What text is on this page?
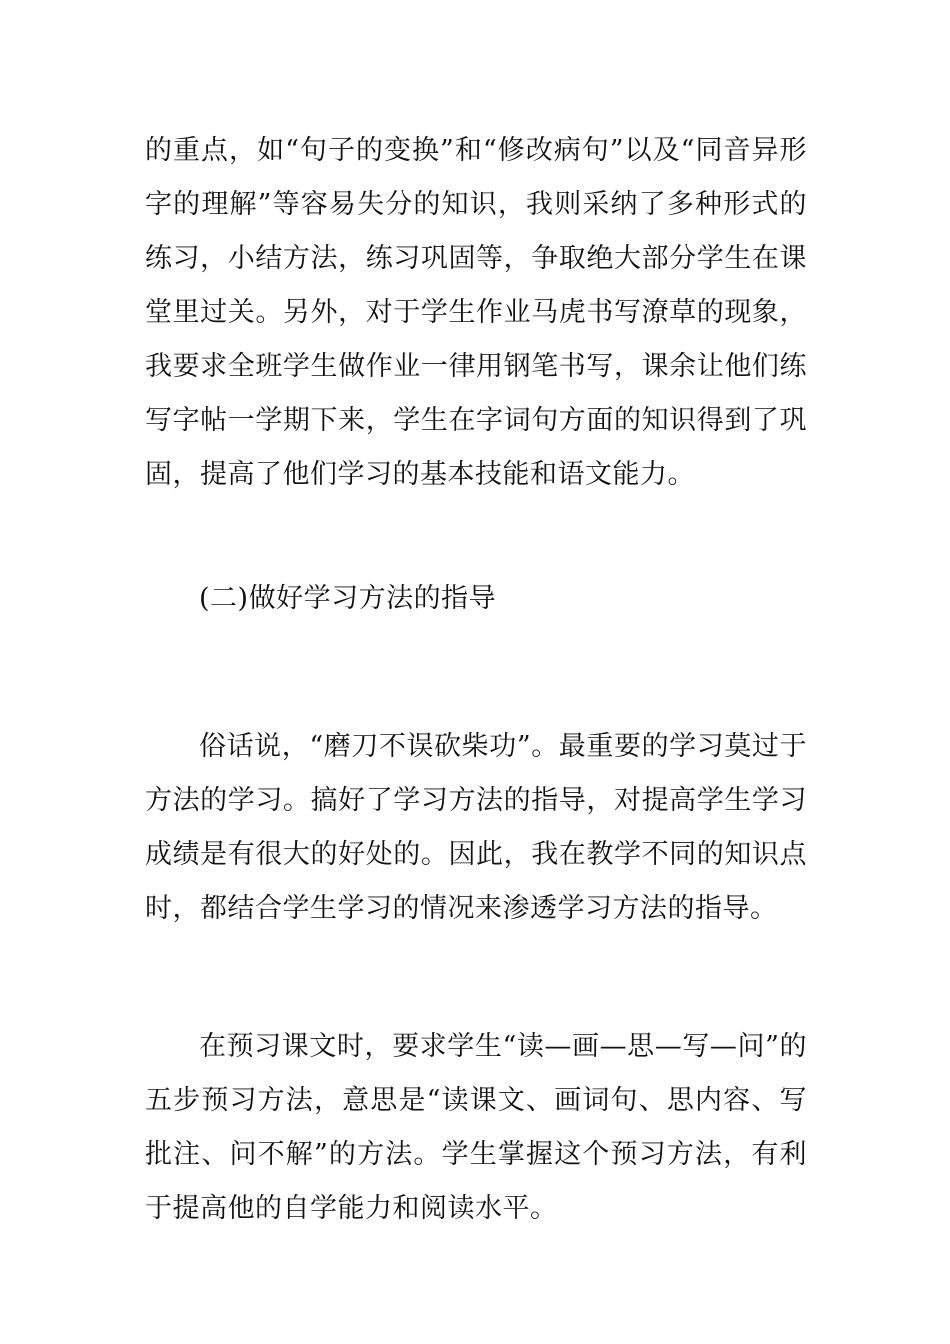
的重点，如“句子的变换”和“修改病句”以及“同音异形字的理解”等容易失分的知识，我则采纳了多种形式的练习，小结方法，练习巩固等，争取绝大部分学生在课堂里过关。另外，对于学生作业马虎书写潦草的现象，我要求全班学生做作业一律用钢笔书写，课余让他们练写字帖一学期下来，学生在字词句方面的知识得到了巩固，提高了他们学习的基本技能和语文能力。

(二)做好学习方法的指导

俗话说，“磨刀不误砍柴功”。最重要的学习莫过于方法的学习。搞好了学习方法的指导，对提高学生学习成绩是有很大的好处的。因此，我在教学不同的知识点时，都结合学生学习的情况来渗透学习方法的指导。

在预习课文时，要求学生“读—画—思—写—问”的五步预习方法，意思是“读课文、画词句、思内容、写批注、问不解”的方法。学生掌握这个预习方法，有利于提高他的自学能力和阅读水平。
